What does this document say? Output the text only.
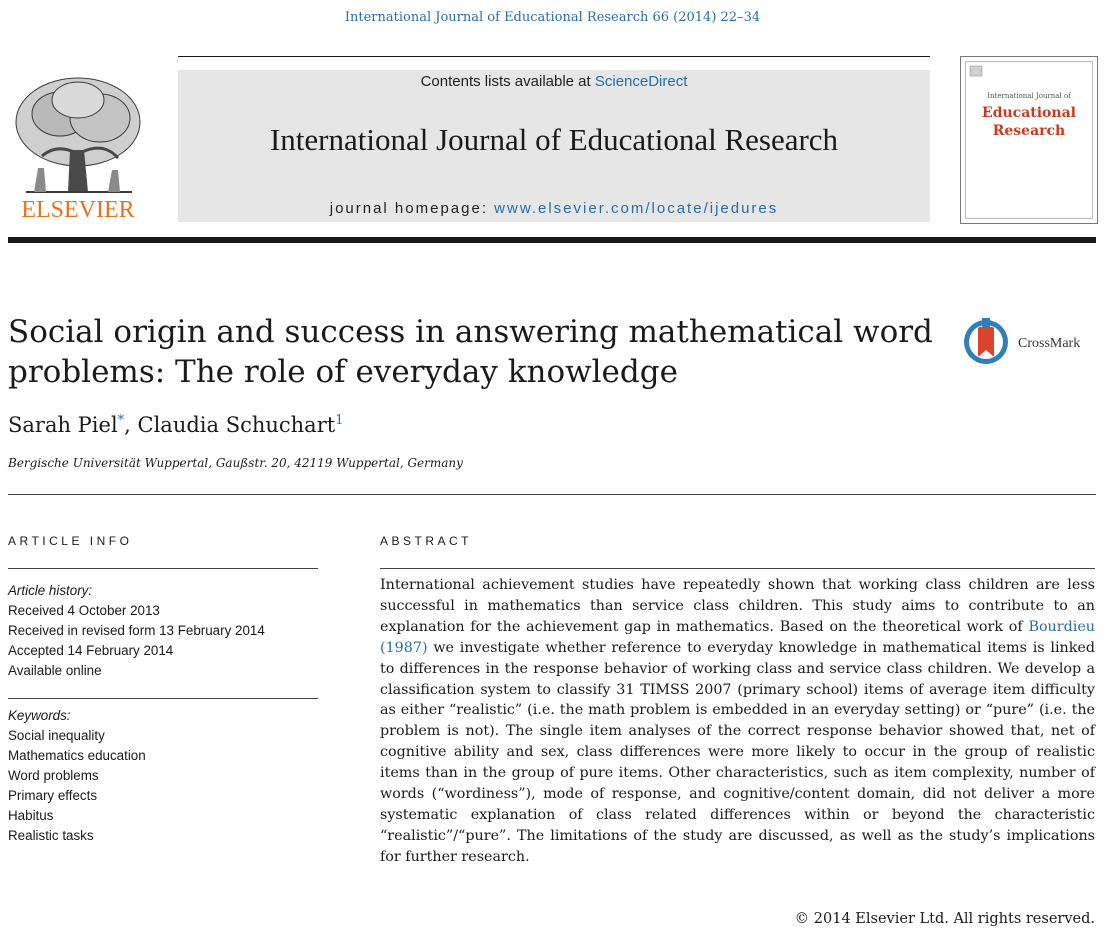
International Journal of Educational Research 66 (2014) 22–34
ELSEVIER
Contents lists available at ScienceDirect
International Journal of Educational Research
journal homepage: www.elsevier.com/locate/ijedures
International Journal of
Educational
Research
Social origin and success in answering mathematical word
problems: The role of everyday knowledge
CrossMark
Sarah Piel*, Claudia Schuchart$^1$
Bergische Universität Wuppertal, Gaußstr. 20, 42119 Wuppertal, Germany
ARTICLE INFO
Article history:
Received 4 October 2013
Received in revised form 13 February 2014
Accepted 14 February 2014
Available online
Keywords:
Social inequality
Mathematics education
Word problems
Primary effects
Habitus
Realistic tasks
ABSTRACT
International achievement studies have repeatedly shown that working class children are less successful in mathematics than service class children. This study aims to contribute to an explanation for the achievement gap in mathematics. Based on the theoretical work of Bourdieu (1987) we investigate whether reference to everyday knowledge in mathematical items is linked to differences in the response behavior of working class and service class children. We develop a classification system to classify 31 TIMSS 2007 (primary school) items of average item difficulty as either “realistic” (i.e. the math problem is embedded in an everyday setting) or “pure” (i.e. the problem is not). The single item analyses of the correct response behavior showed that, net of cognitive ability and sex, class differences were more likely to occur in the group of realistic items than in the group of pure items. Other characteristics, such as item complexity, number of words (“wordiness”), mode of response, and cognitive/content domain, did not deliver a more systematic explanation of class related differences within or beyond the characteristic “realistic”/“pure”. The limitations of the study are discussed, as well as the study’s implications for further research.
© 2014 Elsevier Ltd. All rights reserved.
